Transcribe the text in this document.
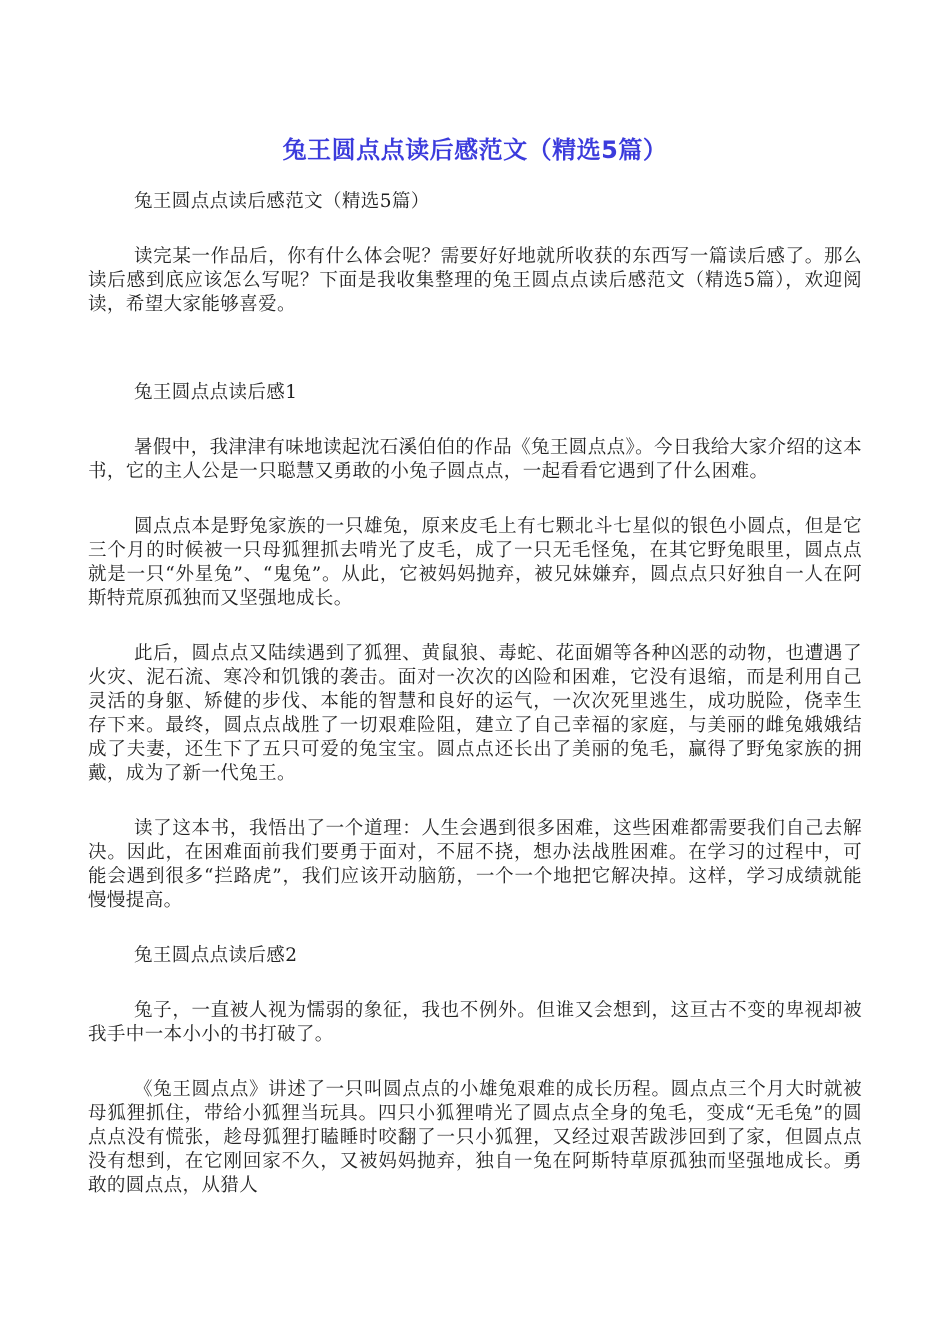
兔王圆点点读后感范文（精选5篇）

兔王圆点点读后感范文（精选5篇）

读完某一作品后，你有什么体会呢？需要好好地就所收获的东西写一篇读后感了。那么读后感到底应该怎么写呢？下面是我收集整理的兔王圆点点读后感范文（精选5篇），欢迎阅读，希望大家能够喜爱。

兔王圆点点读后感1

暑假中，我津津有味地读起沈石溪伯伯的作品《兔王圆点点》。今日我给大家介绍的这本书，它的主人公是一只聪慧又勇敢的小兔子圆点点，一起看看它遇到了什么困难。

圆点点本是野兔家族的一只雄兔，原来皮毛上有七颗北斗七星似的银色小圆点，但是它三个月的时候被一只母狐狸抓去啃光了皮毛，成了一只无毛怪兔，在其它野兔眼里，圆点点就是一只“外星兔”、“鬼兔”。从此，它被妈妈抛弃，被兄妹嫌弃，圆点点只好独自一人在阿斯特荒原孤独而又坚强地成长。

此后，圆点点又陆续遇到了狐狸、黄鼠狼、毒蛇、花面媚等各种凶恶的动物，也遭遇了火灾、泥石流、寒冷和饥饿的袭击。面对一次次的凶险和困难，它没有退缩，而是利用自己灵活的身躯、矫健的步伐、本能的智慧和良好的运气，一次次死里逃生，成功脱险，侥幸生存下来。最终，圆点点战胜了一切艰难险阻，建立了自己幸福的家庭，与美丽的雌兔娥娥结成了夫妻，还生下了五只可爱的兔宝宝。圆点点还长出了美丽的兔毛，赢得了野兔家族的拥戴，成为了新一代兔王。

读了这本书，我悟出了一个道理：人生会遇到很多困难，这些困难都需要我们自己去解决。因此，在困难面前我们要勇于面对，不屈不挠，想办法战胜困难。在学习的过程中，可能会遇到很多“拦路虎”，我们应该开动脑筋，一个一个地把它解决掉。这样，学习成绩就能慢慢提高。

兔王圆点点读后感2

兔子，一直被人视为懦弱的象征，我也不例外。但谁又会想到，这亘古不变的卑视却被我手中一本小小的书打破了。

《兔王圆点点》讲述了一只叫圆点点的小雄兔艰难的成长历程。圆点点三个月大时就被母狐狸抓住，带给小狐狸当玩具。四只小狐狸啃光了圆点点全身的兔毛，变成“无毛兔”的圆点点没有慌张，趁母狐狸打瞌睡时咬翻了一只小狐狸，又经过艰苦跋涉回到了家，但圆点点没有想到，在它刚回家不久，又被妈妈抛弃，独自一兔在阿斯特草原孤独而坚强地成长。勇敢的圆点点，从猎人
